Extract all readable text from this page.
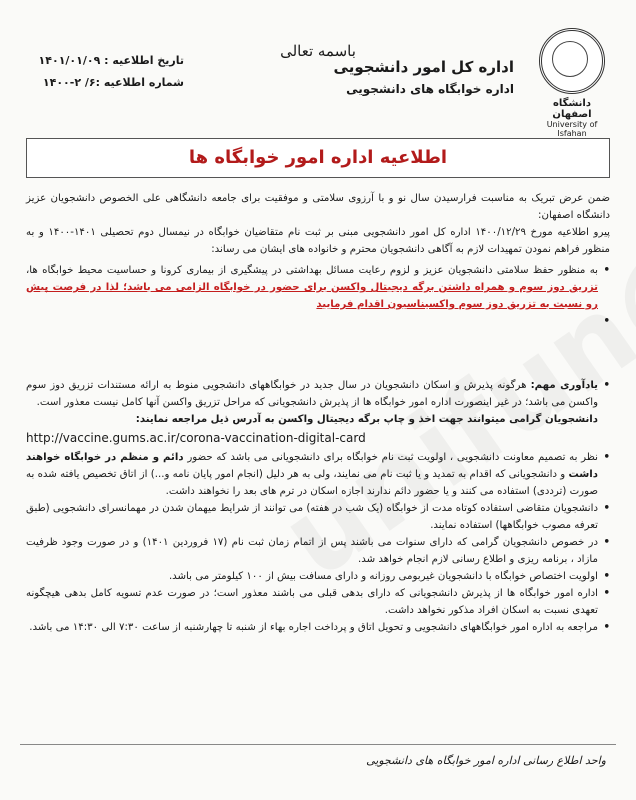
دانشگاه اصفهان
University of Isfahan
اداره کل امور دانشجویی
اداره خوابگاه های دانشجویی
باسمه تعالی
تاریخ اطلاعیه : ۱۴۰۱/۰۱/۰۹
شماره اطلاعیه :۶/ ۲-۱۴۰۰
اطلاعیه اداره امور خوابگاه ها

ضمن عرض تبریک به مناسبت فرارسیدن سال نو و با آرزوی سلامتی و موفقیت برای جامعه دانشگاهی علی الخصوص دانشجویان عزیز دانشگاه اصفهان:

پیرو اطلاعیه مورخ ۱۴۰۰/۱۲/۲۹ اداره کل امور دانشجویی مبنی بر ثبت نام متقاضیان خوابگاه در نیمسال دوم تحصیلی ۱۴۰۱-۱۴۰۰ و به منظور فراهم نمودن تمهیدات لازم به آگاهی دانشجویان محترم و خانواده های ایشان می رساند:

• به منظور حفظ سلامتی دانشجویان عزیز و لزوم رعایت مسائل بهداشتی در پیشگیری از بیماری کرونا و حساسیت محیط خوابگاه ها، تزریق دوز سوم و همراه داشتن برگه دیجیتال واکسن برای حضور در خوابگاه الزامی می باشد؛ لذا در فرصت پیش رو نسبت به تزریق دوز سوم واکسیناسیون اقدام فرمایید
• یادآوری مهم: هرگونه پذیرش و اسکان دانشجویان در سال جدید در خوابگاههای دانشجویی منوط به ارائه مستندات تزریق دوز سوم واکسن می باشد؛ در غیر اینصورت اداره امور خوابگاه ها از پذیرش دانشجویانی که مراحل تزریق واکسن آنها کامل نیست معذور است.
دانشجویان گرامی میتوانند جهت اخذ و چاپ برگه دیجیتال واکسن به آدرس ذیل مراجعه نمایند:
http://vaccine.gums.ac.ir/corona-vaccination-digital-card
• نظر به تصمیم معاونت دانشجویی ، اولویت ثبت نام خوابگاه برای دانشجویانی می باشد که حضور دائم و منظم در خوابگاه خواهند داشت و دانشجویانی که اقدام به تمدید و یا ثبت نام می نمایند، ولی به هر دلیل (انجام امور پایان نامه و...) از اتاق تخصیص یافته شده به صورت (ترددی) استفاده می کنند و یا حضور دائم ندارند اجازه اسکان در ترم های بعد را نخواهند داشت.
• دانشجویان متقاضی استفاده کوتاه مدت از خوابگاه (یک شب در هفته) می توانند از شرایط میهمان شدن در مهمانسرای دانشجویی (طبق تعرفه مصوب خوابگاهها) استفاده نمایند.
• در خصوص دانشجویان گرامی که دارای سنوات می باشند پس از اتمام زمان ثبت نام (۱۷ فروردین ۱۴۰۱) و در صورت وجود ظرفیت مازاد ، برنامه ریزی و اطلاع رسانی لازم انجام خواهد شد.
• اولویت اختصاص خوابگاه با دانشجویان غیربومی روزانه و دارای مسافت بیش از ۱۰۰ کیلومتر می باشد.
• اداره امور خوابگاه ها از پذیرش دانشجویانی که دارای بدهی قبلی می باشند معذور است؛ در صورت عدم تسویه کامل بدهی هیچگونه تعهدی نسبت به اسکان افراد مذکور نخواهد داشت.
• مراجعه به اداره امور خوابگاههای دانشجویی و تحویل اتاق و پرداخت اجاره بهاء از شنبه تا چهارشنبه از ساعت ۷:۳۰ الی ۱۴:۳۰ می باشد.
واحد اطلاع رسانی اداره امور خوابگاه های دانشجویی
